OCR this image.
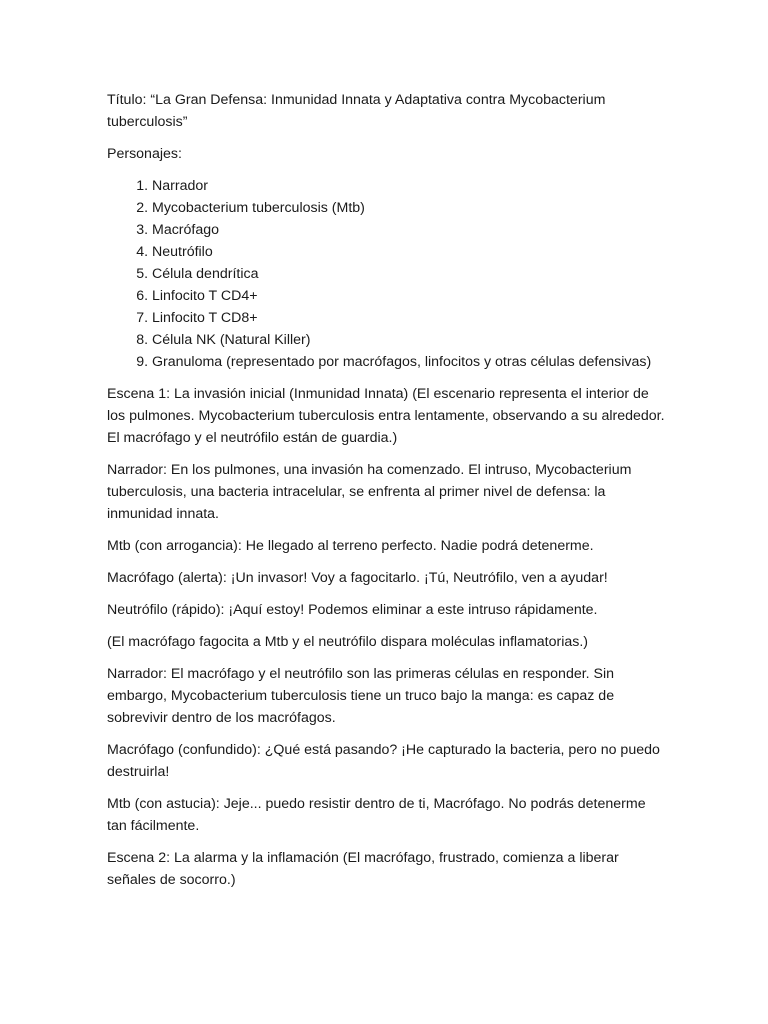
Título: “La Gran Defensa: Inmunidad Innata y Adaptativa contra Mycobacterium tuberculosis”

Personajes:

1. Narrador
2. Mycobacterium tuberculosis (Mtb)
3. Macrófago
4. Neutrófilo
5. Célula dendrítica
6. Linfocito T CD4+
7. Linfocito T CD8+
8. Célula NK (Natural Killer)
9. Granuloma (representado por macrófagos, linfocitos y otras células defensivas)

Escena 1: La invasión inicial (Inmunidad Innata) (El escenario representa el interior de los pulmones. Mycobacterium tuberculosis entra lentamente, observando a su alrededor. El macrófago y el neutrófilo están de guardia.)

Narrador: En los pulmones, una invasión ha comenzado. El intruso, Mycobacterium tuberculosis, una bacteria intracelular, se enfrenta al primer nivel de defensa: la inmunidad innata.

Mtb (con arrogancia): He llegado al terreno perfecto. Nadie podrá detenerme.

Macrófago (alerta): ¡Un invasor! Voy a fagocitarlo. ¡Tú, Neutrófilo, ven a ayudar!

Neutrófilo (rápido): ¡Aquí estoy! Podemos eliminar a este intruso rápidamente.

(El macrófago fagocita a Mtb y el neutrófilo dispara moléculas inflamatorias.)

Narrador: El macrófago y el neutrófilo son las primeras células en responder. Sin embargo, Mycobacterium tuberculosis tiene un truco bajo la manga: es capaz de sobrevivir dentro de los macrófagos.

Macrófago (confundido): ¿Qué está pasando? ¡He capturado la bacteria, pero no puedo destruirla!

Mtb (con astucia): Jeje... puedo resistir dentro de ti, Macrófago. No podrás detenerme tan fácilmente.

Escena 2: La alarma y la inflamación (El macrófago, frustrado, comienza a liberar señales de socorro.)
